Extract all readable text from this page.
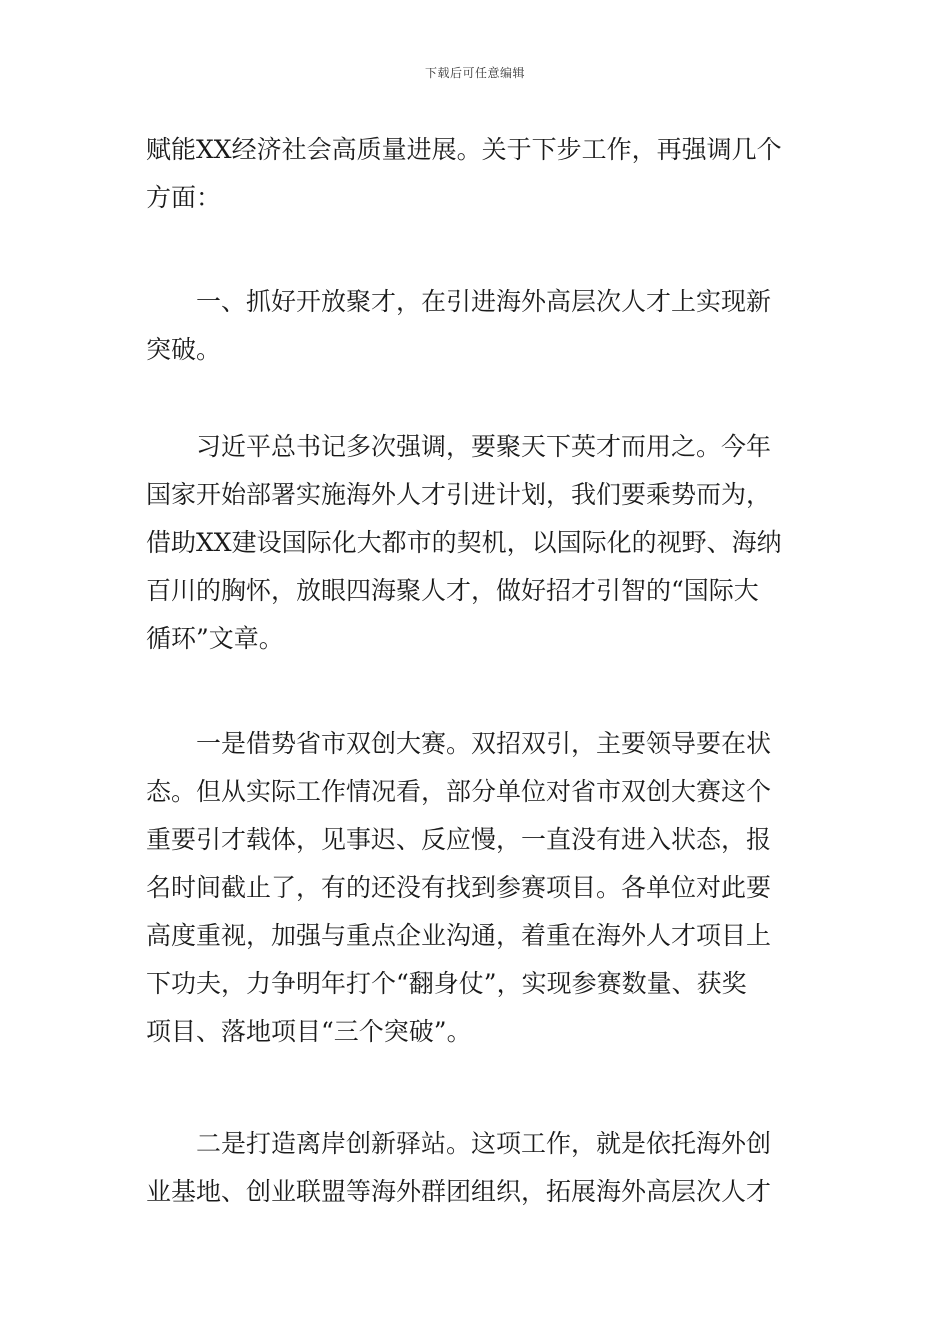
下载后可任意编辑
赋能XX经济社会高质量进展。关于下步工作，再强调几个
方面：
　　一、抓好开放聚才，在引进海外高层次人才上实现新
突破。
　　习近平总书记多次强调，要聚天下英才而用之。今年
国家开始部署实施海外人才引进计划，我们要乘势而为，
借助XX建设国际化大都市的契机，以国际化的视野、海纳
百川的胸怀，放眼四海聚人才，做好招才引智的“国际大
循环”文章。
　　一是借势省市双创大赛。双招双引，主要领导要在状
态。但从实际工作情况看，部分单位对省市双创大赛这个
重要引才载体，见事迟、反应慢，一直没有进入状态，报
名时间截止了，有的还没有找到参赛项目。各单位对此要
高度重视，加强与重点企业沟通，着重在海外人才项目上
下功夫，力争明年打个“翻身仗”，实现参赛数量、获奖
项目、落地项目“三个突破”。
　　二是打造离岸创新驿站。这项工作，就是依托海外创
业基地、创业联盟等海外群团组织，拓展海外高层次人才
